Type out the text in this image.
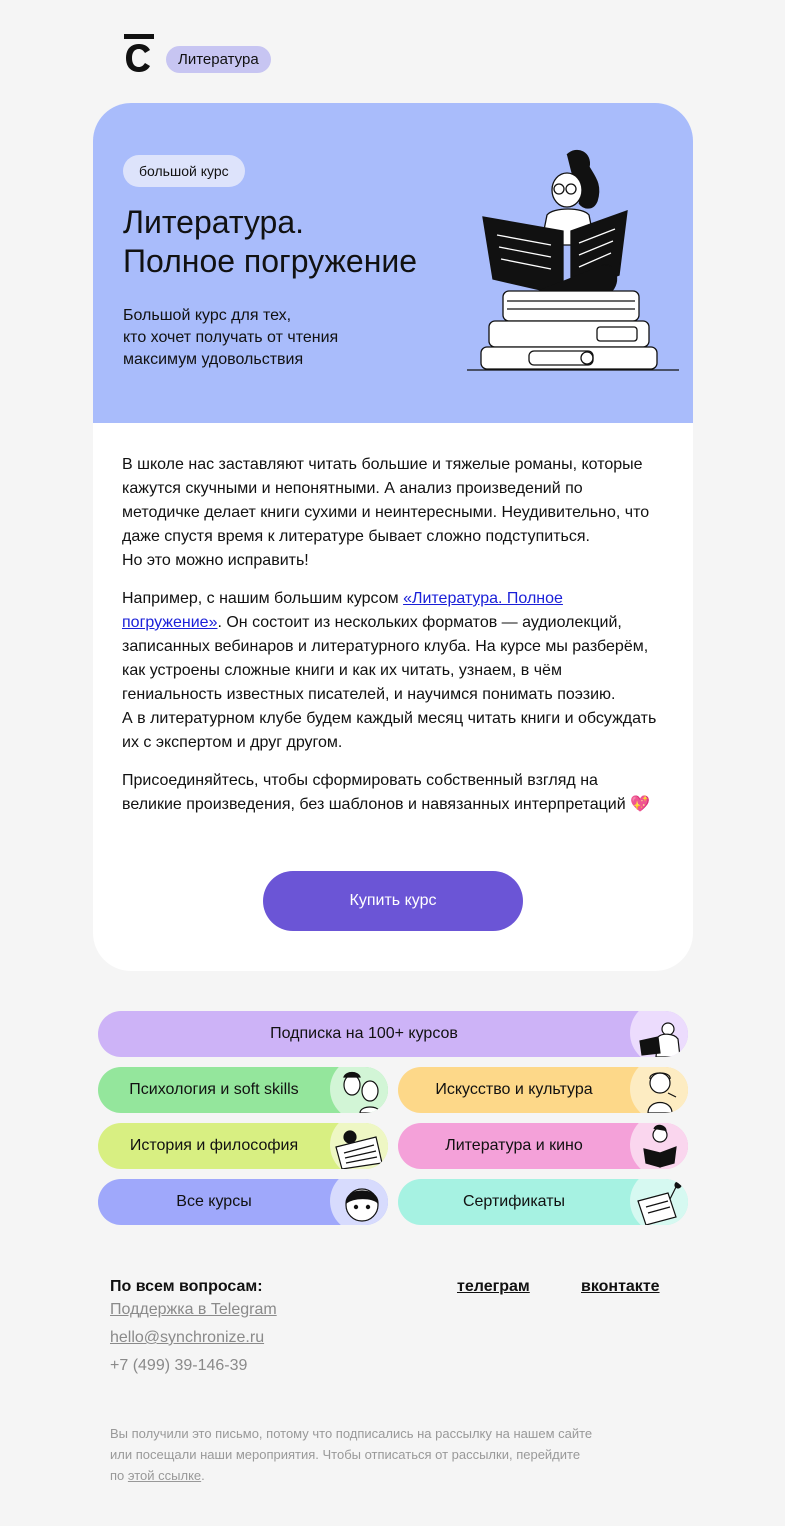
Литература
большой курс
Литература.
Полное погружение
Большой курс для тех,
кто хочет получать от чтения
максимум удовольствия

В школе нас заставляют читать большие и тяжелые романы, которые кажутся скучными и непонятными. А анализ произведений по методичке делает книги сухими и неинтересными. Неудивительно, что даже спустя время к литературе бывает сложно подступиться.
Но это можно исправить!

Например, с нашим большим курсом «Литература. Полное погружение». Он состоит из нескольких форматов — аудиолекций, записанных вебинаров и литературного клуба. На курсе мы разберём, как устроены сложные книги и как их читать, узнаем, в чём гениальность известных писателей, и научимся понимать поэзию.
А в литературном клубе будем каждый месяц читать книги и обсуждать их с экспертом и друг другом.

Присоединяйтесь, чтобы сформировать собственный взгляд на великие произведения, без шаблонов и навязанных интерпретаций 💖

Купить курс
Подписка на 100+ курсов
Психология и soft skills	Искусство и культура
История и философия	Литература и кино
Все курсы	Сертификаты
По всем вопросам:
Поддержка в Telegram
hello@synchronize.ru
+7 (499) 39-146-39
телеграм	вконтакте
Вы получили это письмо, потому что подписались на рассылку на нашем сайте
или посещали наши мероприятия. Чтобы отписаться от рассылки, перейдите
по этой ссылке.
